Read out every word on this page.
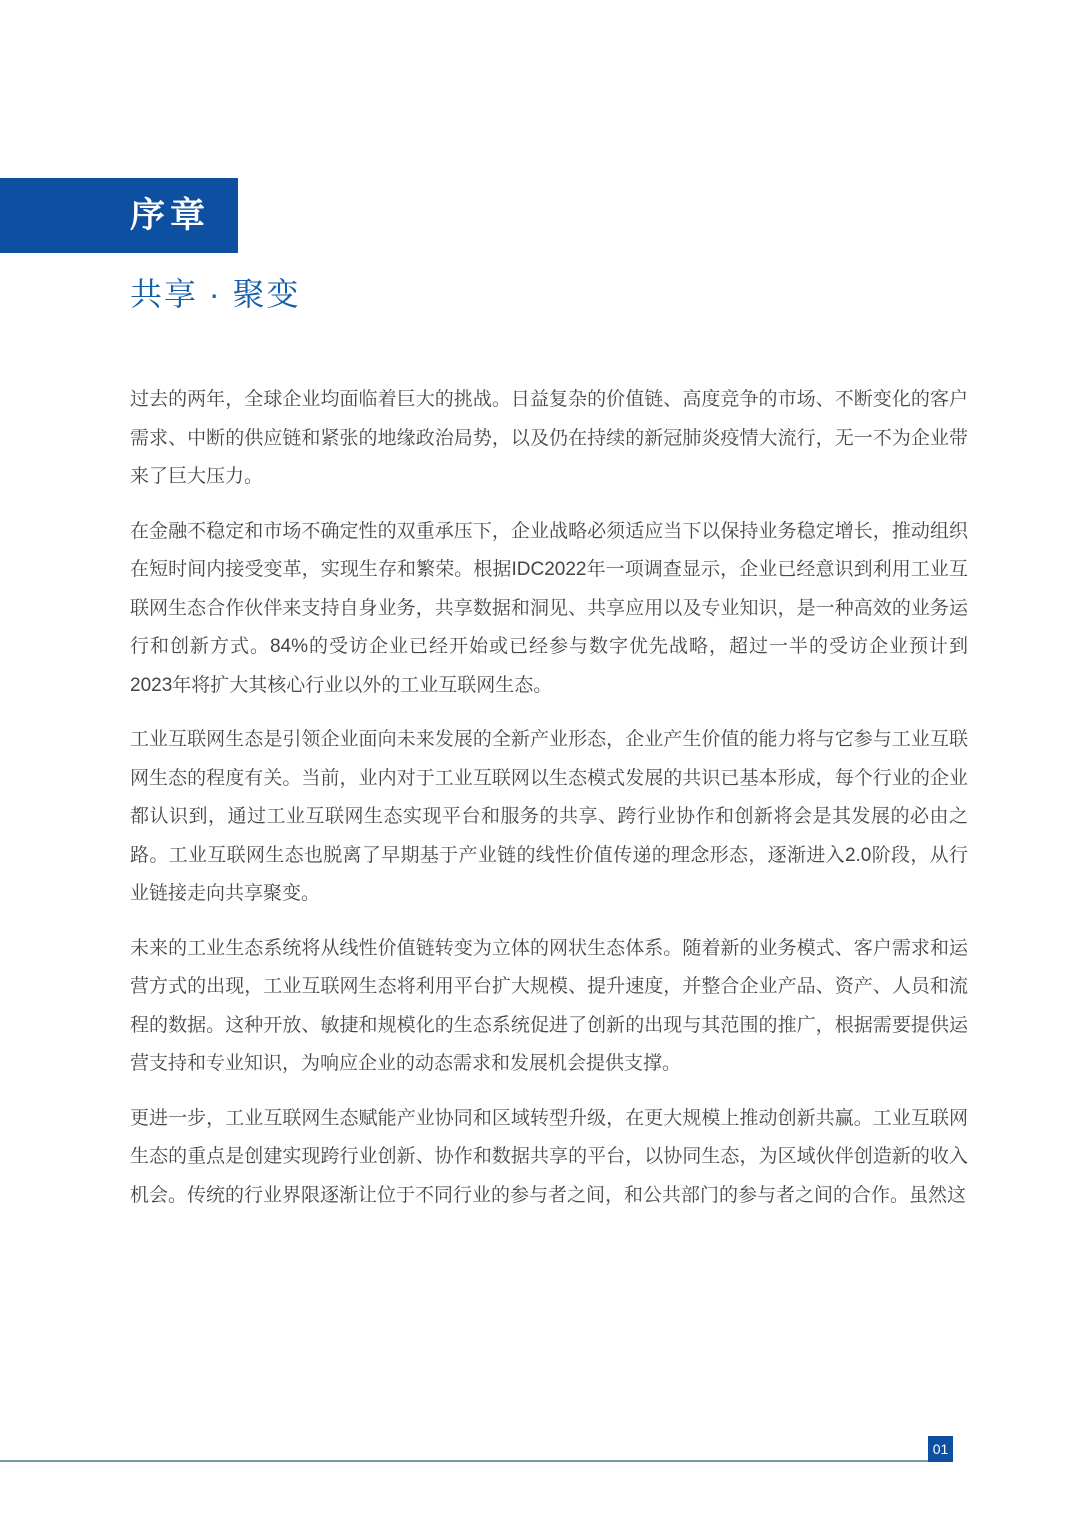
序章
共享 · 聚变

过去的两年，全球企业均面临着巨大的挑战。日益复杂的价值链、高度竞争的市场、不断变化的客户需求、中断的供应链和紧张的地缘政治局势，以及仍在持续的新冠肺炎疫情大流行，无一不为企业带来了巨大压力。

在金融不稳定和市场不确定性的双重承压下，企业战略必须适应当下以保持业务稳定增长，推动组织在短时间内接受变革，实现生存和繁荣。根据IDC2022年一项调查显示，企业已经意识到利用工业互联网生态合作伙伴来支持自身业务，共享数据和洞见、共享应用以及专业知识，是一种高效的业务运行和创新方式。84%的受访企业已经开始或已经参与数字优先战略，超过一半的受访企业预计到2023年将扩大其核心行业以外的工业互联网生态。

工业互联网生态是引领企业面向未来发展的全新产业形态，企业产生价值的能力将与它参与工业互联网生态的程度有关。当前，业内对于工业互联网以生态模式发展的共识已基本形成，每个行业的企业都认识到，通过工业互联网生态实现平台和服务的共享、跨行业协作和创新将会是其发展的必由之路。工业互联网生态也脱离了早期基于产业链的线性价值传递的理念形态，逐渐进入2.0阶段，从行业链接走向共享聚变。

未来的工业生态系统将从线性价值链转变为立体的网状生态体系。随着新的业务模式、客户需求和运营方式的出现，工业互联网生态将利用平台扩大规模、提升速度，并整合企业产品、资产、人员和流程的数据。这种开放、敏捷和规模化的生态系统促进了创新的出现与其范围的推广，根据需要提供运营支持和专业知识，为响应企业的动态需求和发展机会提供支撑。

更进一步，工业互联网生态赋能产业协同和区域转型升级，在更大规模上推动创新共赢。工业互联网生态的重点是创建实现跨行业创新、协作和数据共享的平台，以协同生态，为区域伙伴创造新的收入机会。传统的行业界限逐渐让位于不同行业的参与者之间，和公共部门的参与者之间的合作。虽然这

01
